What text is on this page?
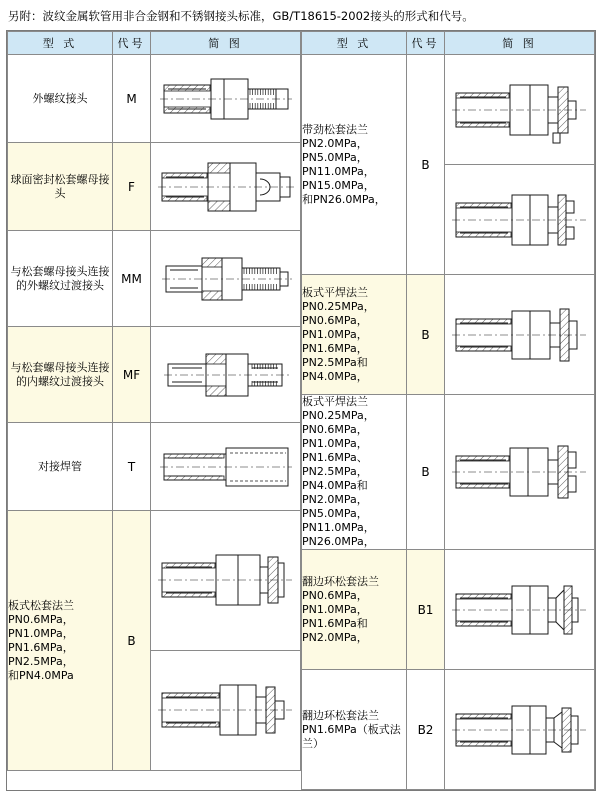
另附：波纹金属软管用非合金钢和不锈钢接头标准，GB/T18615-2002接头的形式和代号。
型 式	代号	简 图

外螺纹接头	M	

球面密封松套螺母接头	F	

与松套螺母接头连接的外螺纹过渡接头	MM	

与松套螺母接头连接的内螺纹过渡接头	MF	

对接焊管	T	

板式松套法兰
PN0.6MPa，PN1.0MPa，
PN1.6MPa，PN2.5MPa，
和PN4.0MPa
	B	

型 式	代号	简 图

带劲松套法兰
PN2.0MPa，PN5.0MPa，
PN11.0MPa，PN15.0MPa，
和PN26.0MPa，
	B	

板式平焊法兰
PN0.25MPa，PN0.6MPa，
PN1.0MPa，PN1.6MPa，
PN2.5MPa和PN4.0MPa，
	B	

板式平焊法兰
PN0.25MPa，PN0.6MPa，
PN1.0MPa，PN1.6MPa、
PN2.5MPa，PN4.0MPa和
PN2.0MPa，PN5.0MPa，
PN11.0MPa，PN26.0MPa，
	B	

翻边环松套法兰
PN0.6MPa，PN1.0MPa，
PN1.6MPa和PN2.0MPa，
	B1	

翻边环松套法兰
PN1.6MPa（板式法兰）
	B2	
